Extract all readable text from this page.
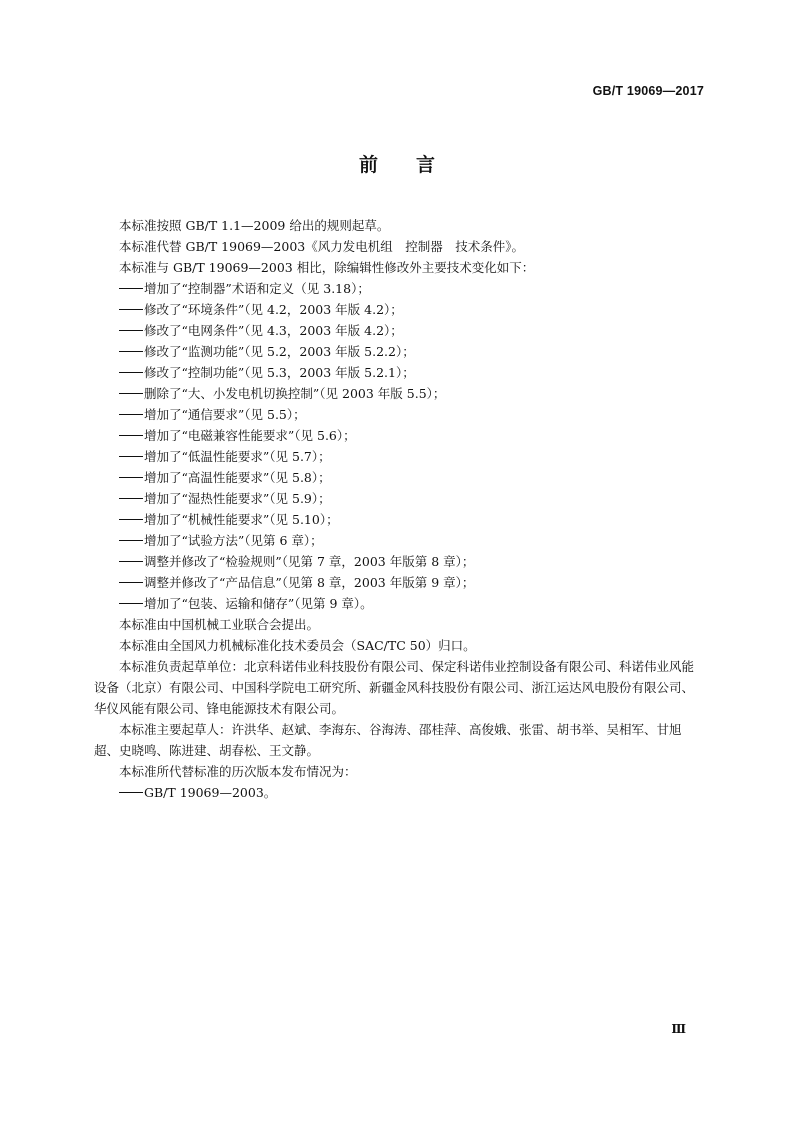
GB/T 19069—2017

前言

本标准按照 GB/T 1.1—2009 给出的规则起草。

本标准代替 GB/T 19069—2003《风力发电机组　控制器　技术条件》。

本标准与 GB/T 19069—2003 相比，除编辑性修改外主要技术变化如下：

增加了“控制器”术语和定义（见 3.18）；

修改了“环境条件”（见 4.2，2003 年版 4.2）；

修改了“电网条件”（见 4.3，2003 年版 4.2）；

修改了“监测功能”（见 5.2，2003 年版 5.2.2）；

修改了“控制功能”（见 5.3，2003 年版 5.2.1）；

删除了“大、小发电机切换控制”（见 2003 年版 5.5）；

增加了“通信要求”（见 5.5）；

增加了“电磁兼容性能要求”（见 5.6）；

增加了“低温性能要求”（见 5.7）；

增加了“高温性能要求”（见 5.8）；

增加了“湿热性能要求”（见 5.9）；

增加了“机械性能要求”（见 5.10）；

增加了“试验方法”（见第 6 章）；

调整并修改了“检验规则”（见第 7 章，2003 年版第 8 章）；

调整并修改了“产品信息”（见第 8 章，2003 年版第 9 章）；

增加了“包装、运输和储存”（见第 9 章）。

本标准由中国机械工业联合会提出。

本标准由全国风力机械标准化技术委员会（SAC/TC 50）归口。

本标准负责起草单位：北京科诺伟业科技股份有限公司、保定科诺伟业控制设备有限公司、科诺伟业风能设备（北京）有限公司、中国科学院电工研究所、新疆金风科技股份有限公司、浙江运达风电股份有限公司、华仪风能有限公司、锋电能源技术有限公司。

本标准主要起草人：许洪华、赵斌、李海东、谷海涛、邵桂萍、高俊娥、张雷、胡书举、吴相军、甘旭超、史晓鸣、陈进建、胡春松、王文静。

本标准所代替标准的历次版本发布情况为：

GB/T 19069—2003。

Ⅲ
